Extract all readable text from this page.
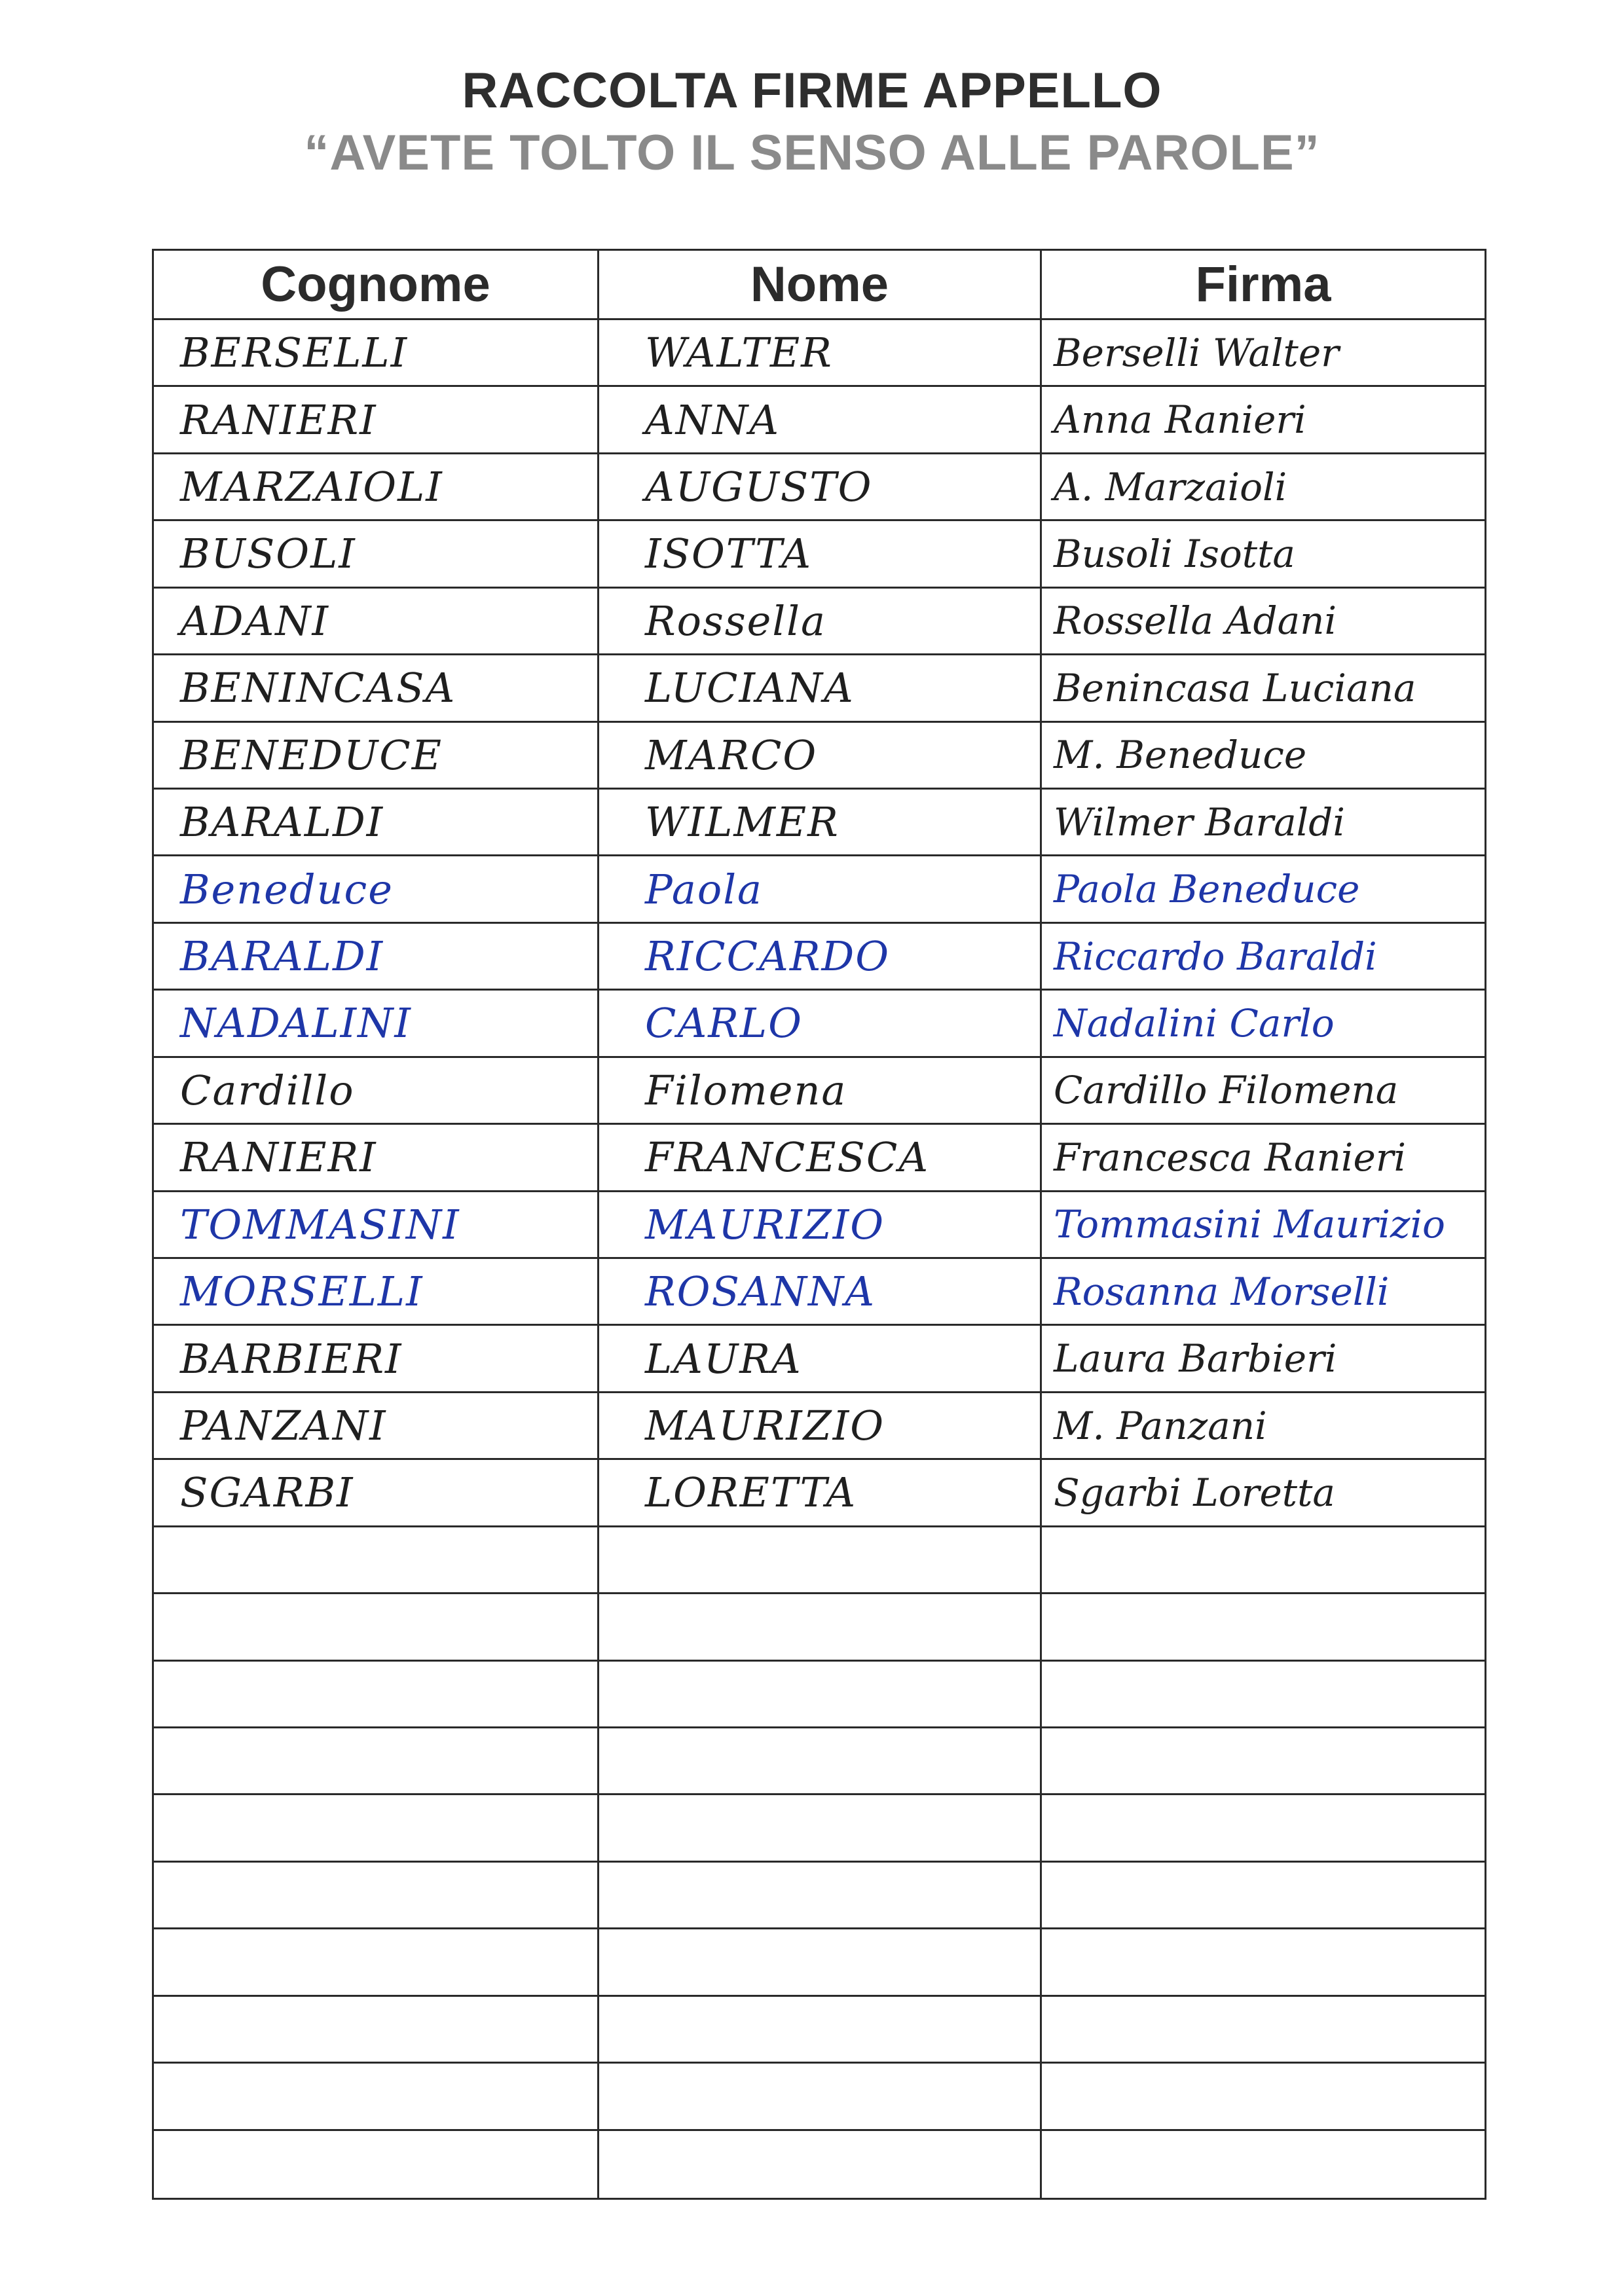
RACCOLTA FIRME APPELLO
“AVETE TOLTO IL SENSO ALLE PAROLE”
Cognome	Nome	Firma
BERSELLI	WALTER	Berselli Walter
RANIERI	ANNA	Anna Ranieri
MARZAIOLI	AUGUSTO	A. Marzaioli
BUSOLI	ISOTTA	Busoli Isotta
ADANI	Rossella	Rossella Adani
BENINCASA	LUCIANA	Benincasa Luciana
BENEDUCE	MARCO	M. Beneduce
BARALDI	WILMER	Wilmer Baraldi
Beneduce	Paola	Paola Beneduce
BARALDI	RICCARDO	Riccardo Baraldi
NADALINI	CARLO	Nadalini Carlo
Cardillo	Filomena	Cardillo Filomena
RANIERI	FRANCESCA	Francesca Ranieri
TOMMASINI	MAURIZIO	Tommasini Maurizio
MORSELLI	ROSANNA	Rosanna Morselli
BARBIERI	LAURA	Laura Barbieri
PANZANI	MAURIZIO	M. Panzani
SGARBI	LORETTA	Sgarbi Loretta
